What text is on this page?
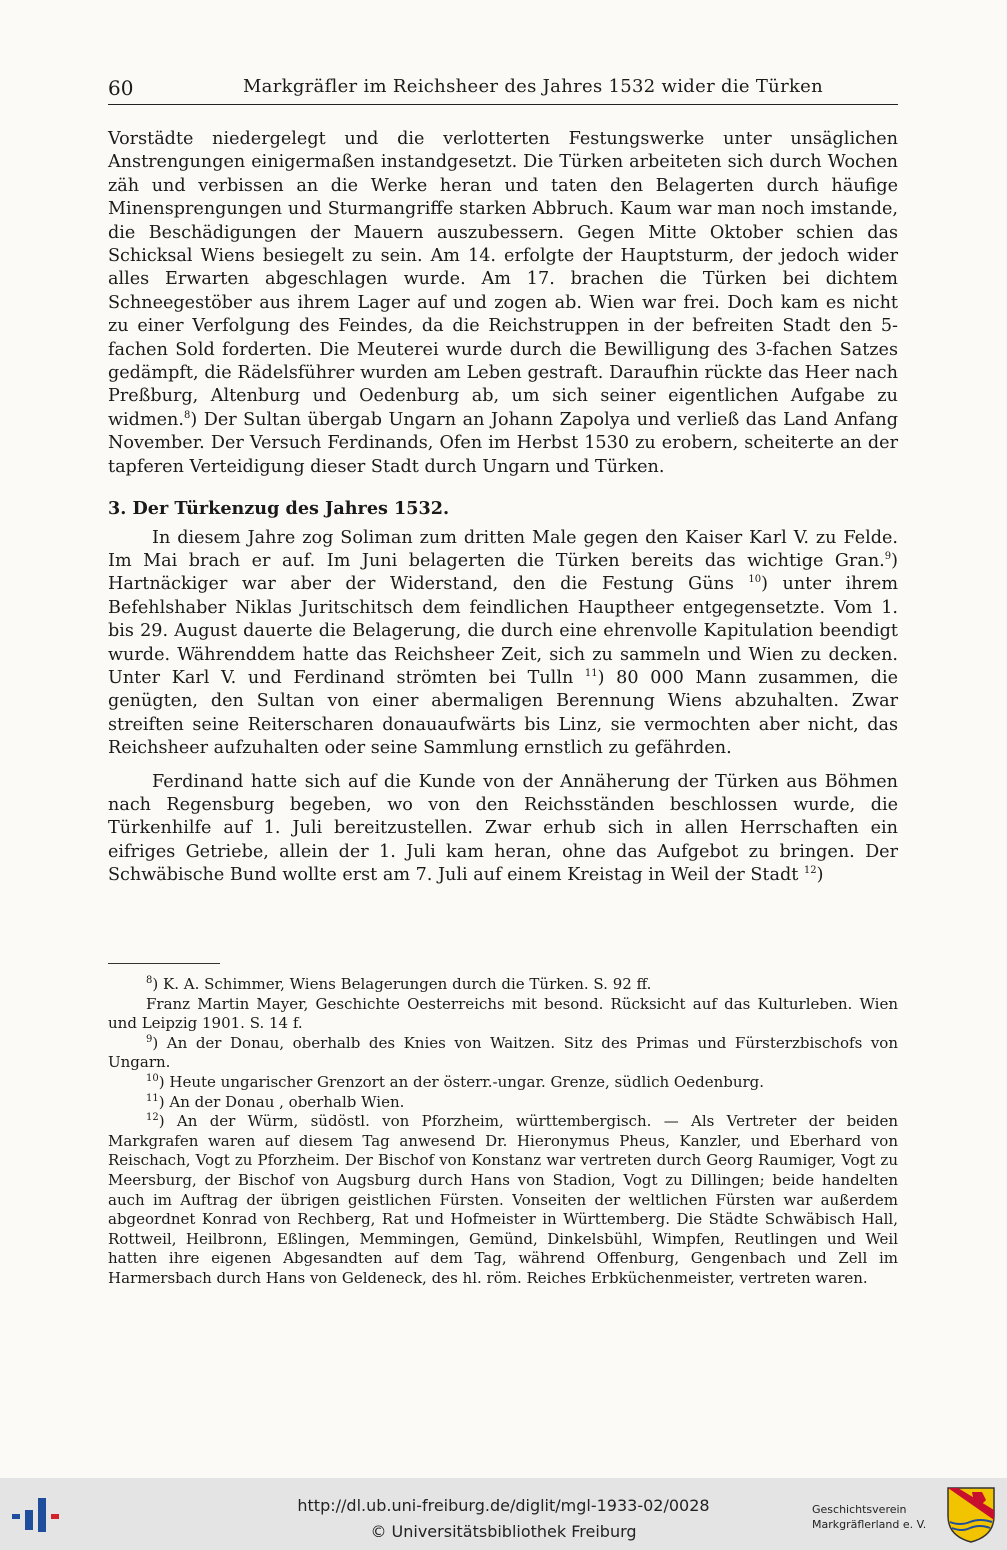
60	Markgräfler im Reichsheer des Jahres 1532 wider die Türken

Vorstädte niedergelegt und die verlotterten Festungswerke unter unsäglichen Anstrengungen einigermaßen instandgesetzt. Die Türken arbeiteten sich durch Wochen zäh und verbissen an die Werke heran und taten den Belagerten durch häufige Minensprengungen und Sturmangriffe starken Abbruch. Kaum war man noch imstande, die Beschädigungen der Mauern auszubessern. Gegen Mitte Oktober schien das Schicksal Wiens besiegelt zu sein. Am 14. erfolgte der Hauptsturm, der jedoch wider alles Erwarten abgeschlagen wurde. Am 17. brachen die Türken bei dichtem Schneegestöber aus ihrem Lager auf und zogen ab. Wien war frei. Doch kam es nicht zu einer Verfolgung des Feindes, da die Reichstruppen in der befreiten Stadt den 5-fachen Sold forderten. Die Meuterei wurde durch die Bewilligung des 3-fachen Satzes gedämpft, die Rädelsführer wurden am Leben gestraft. Daraufhin rückte das Heer nach Preßburg, Altenburg und Oedenburg ab, um sich seiner eigentlichen Aufgabe zu widmen.$^8$) Der Sultan übergab Ungarn an Johann Zapolya und verließ das Land Anfang November. Der Versuch Ferdinands, Ofen im Herbst 1530 zu erobern, scheiterte an der tapferen Verteidigung dieser Stadt durch Ungarn und Türken.

3. Der Türkenzug des Jahres 1532.

In diesem Jahre zog Soliman zum dritten Male gegen den Kaiser Karl V. zu Felde. Im Mai brach er auf. Im Juni belagerten die Türken bereits das wichtige Gran.$^9$) Hartnäckiger war aber der Widerstand, den die Festung Güns $^{10}$) unter ihrem Befehlshaber Niklas Juritschitsch dem feindlichen Hauptheer entgegensetzte. Vom 1. bis 29. August dauerte die Belagerung, die durch eine ehrenvolle Kapitulation beendigt wurde. Währenddem hatte das Reichsheer Zeit, sich zu sammeln und Wien zu decken. Unter Karl V. und Ferdinand strömten bei Tulln $^{11}$) 80 000 Mann zusammen, die genügten, den Sultan von einer abermaligen Berennung Wiens abzuhalten. Zwar streiften seine Reiterscharen donauaufwärts bis Linz, sie vermochten aber nicht, das Reichsheer aufzuhalten oder seine Sammlung ernstlich zu gefährden.

Ferdinand hatte sich auf die Kunde von der Annäherung der Türken aus Böhmen nach Regensburg begeben, wo von den Reichsständen beschlossen wurde, die Türkenhilfe auf 1. Juli bereitzustellen. Zwar erhub sich in allen Herrschaften ein eifriges Getriebe, allein der 1. Juli kam heran, ohne das Aufgebot zu bringen. Der Schwäbische Bund wollte erst am 7. Juli auf einem Kreistag in Weil der Stadt $^{12}$)

$^8$) K. A. Schimmer, Wiens Belagerungen durch die Türken. S. 92 ff.

Franz Martin Mayer, Geschichte Oesterreichs mit besond. Rücksicht auf das Kulturleben. Wien und Leipzig 1901. S. 14 f.

$^9$) An der Donau, oberhalb des Knies von Waitzen. Sitz des Primas und Fürsterzbischofs von Ungarn.

$^{10}$) Heute ungarischer Grenzort an der österr.-ungar. Grenze, südlich Oedenburg.

$^{11}$) An der Donau , oberhalb Wien.

$^{12}$) An der Würm, südöstl. von Pforzheim, württembergisch. — Als Vertreter der beiden Markgrafen waren auf diesem Tag anwesend Dr. Hieronymus Pheus, Kanzler, und Eberhard von Reischach, Vogt zu Pforzheim. Der Bischof von Konstanz war vertreten durch Georg Raumiger, Vogt zu Meersburg, der Bischof von Augsburg durch Hans von Stadion, Vogt zu Dillingen; beide handelten auch im Auftrag der übrigen geistlichen Fürsten. Vonseiten der weltlichen Fürsten war außerdem abgeordnet Konrad von Rechberg, Rat und Hofmeister in Württemberg. Die Städte Schwäbisch Hall, Rottweil, Heilbronn, Eßlingen, Memmingen, Gemünd, Dinkelsbühl, Wimpfen, Reutlingen und Weil hatten ihre eigenen Abgesandten auf dem Tag, während Offenburg, Gengenbach und Zell im Harmersbach durch Hans von Geldeneck, des hl. röm. Reiches Erbküchenmeister, vertreten waren.

http://dl.ub.uni-freiburg.de/diglit/mgl-1933-02/0028
© Universitätsbibliothek Freiburg
Geschichtsverein
Markgräflerland e. V.
